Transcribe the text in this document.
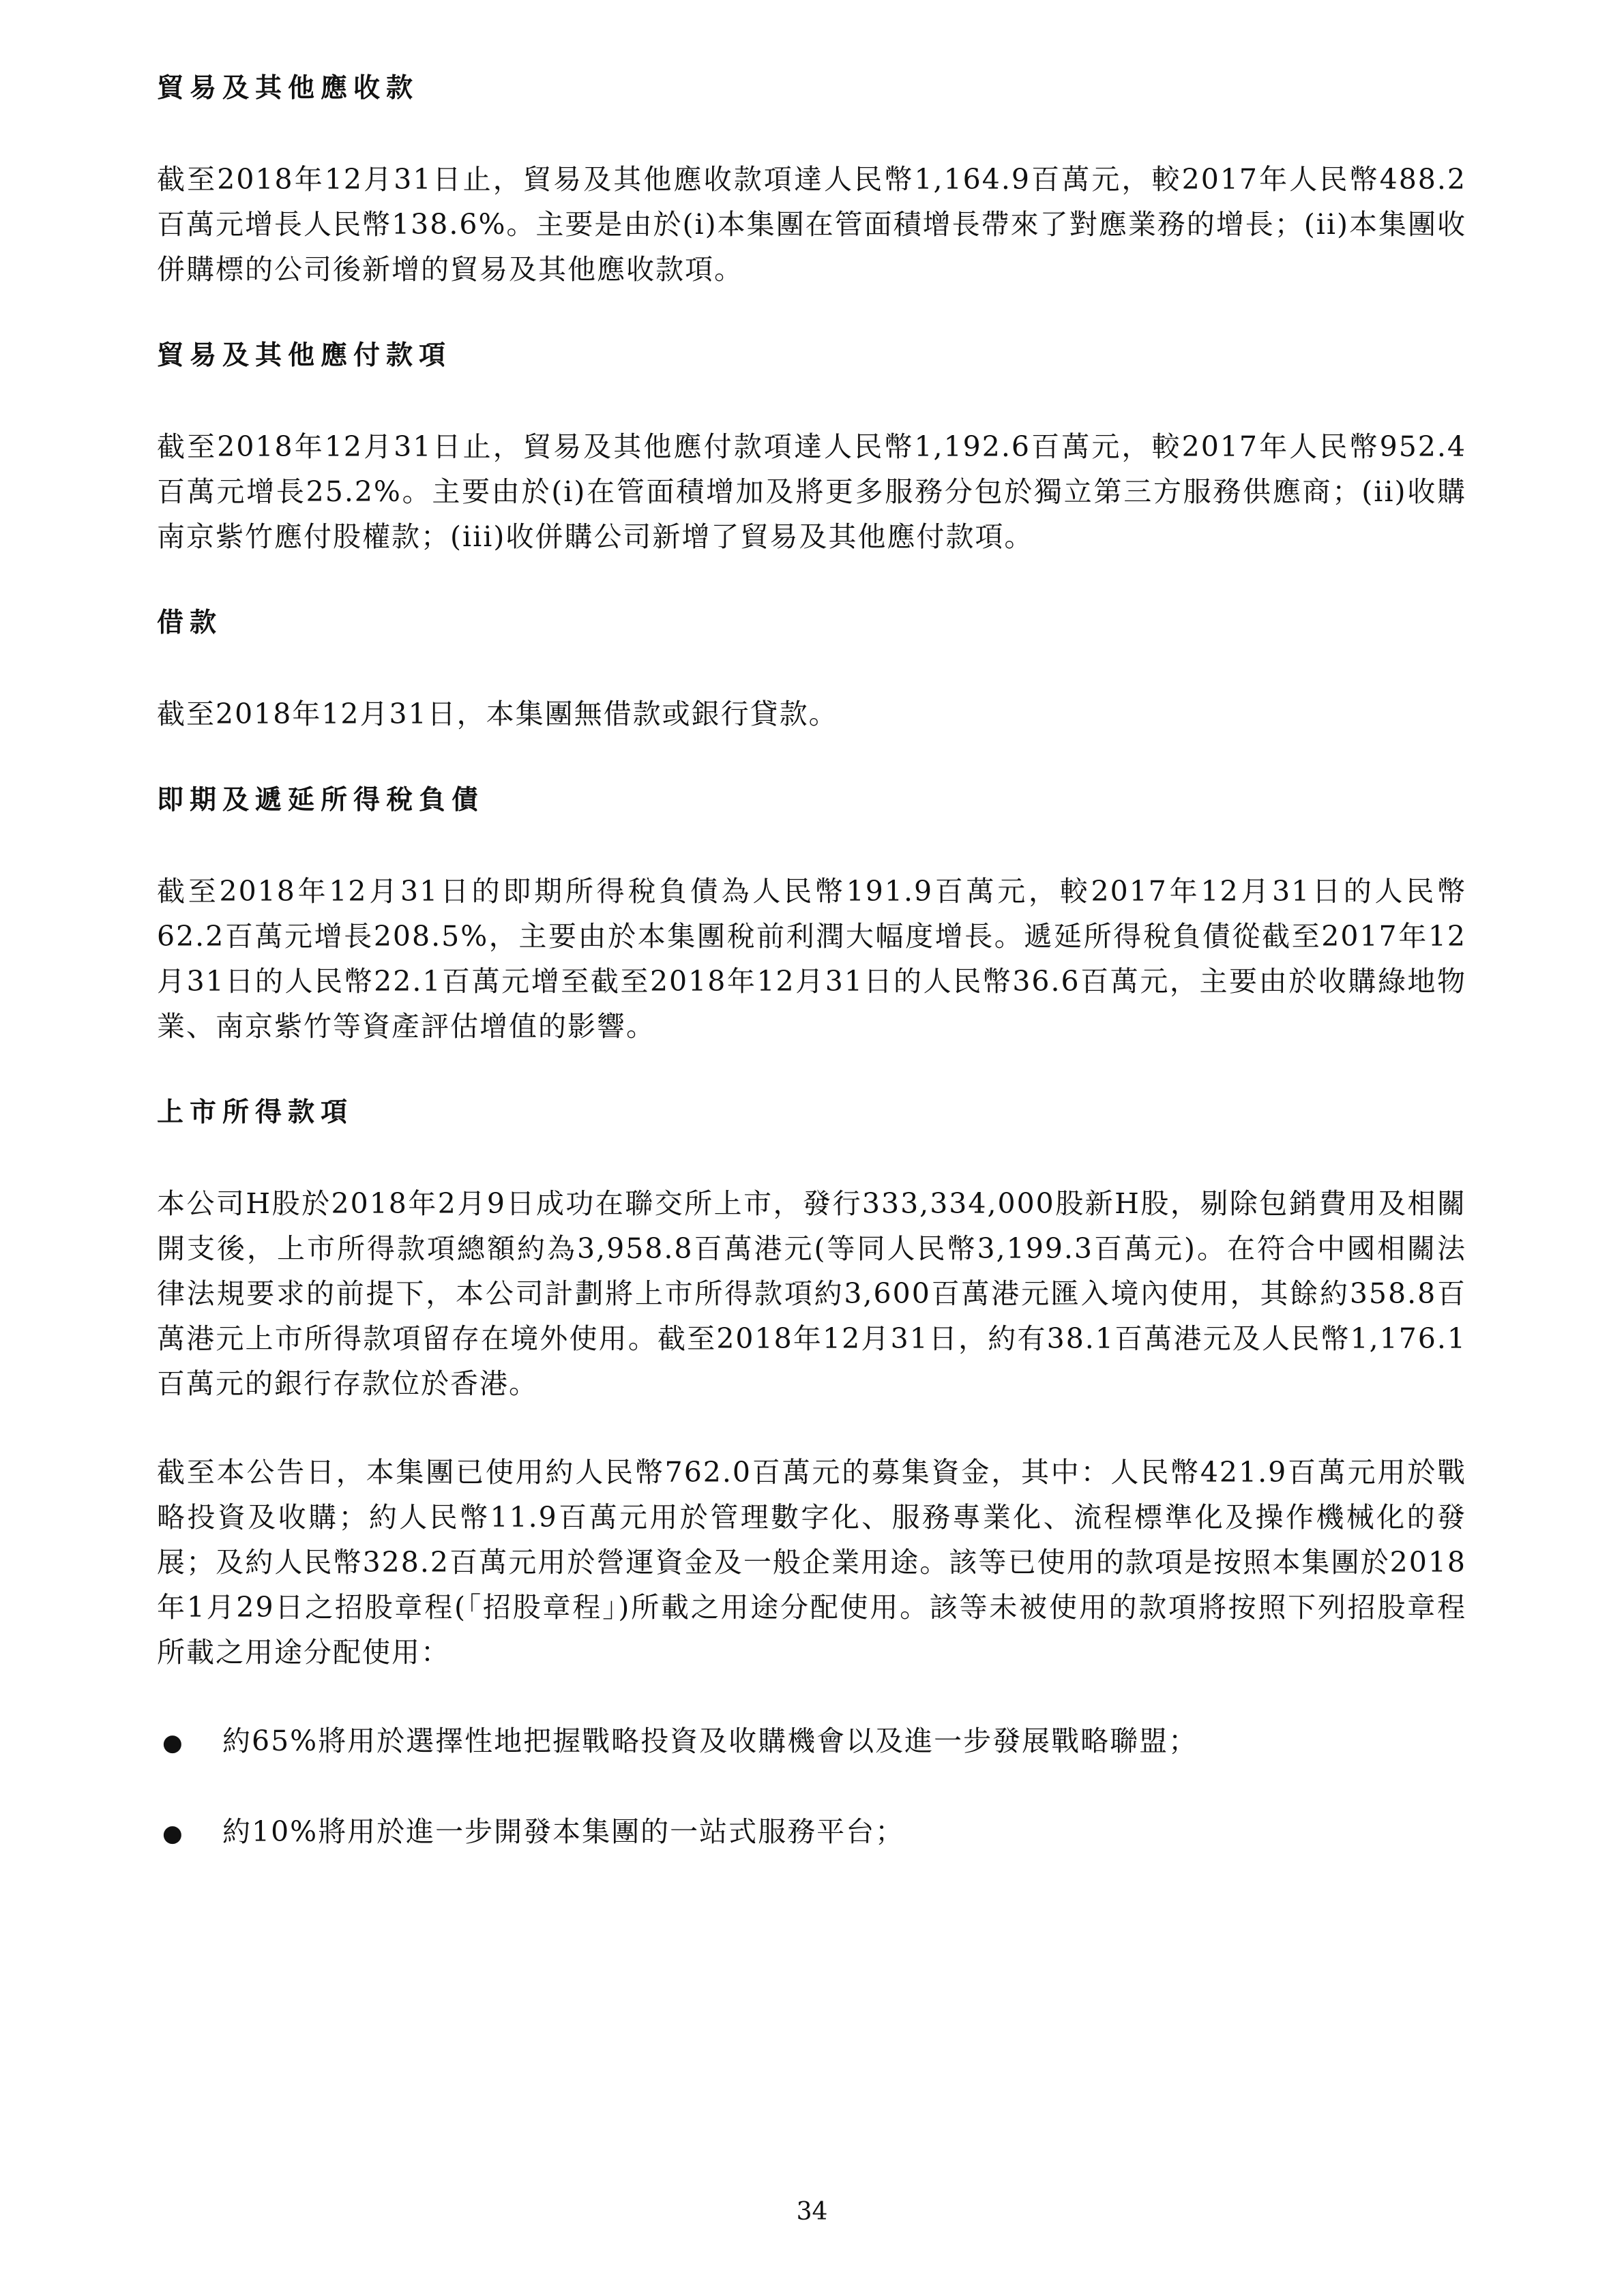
貿易及其他應收款

截至2018年12月31日止，貿易及其他應收款項達人民幣1,164.9百萬元，較2017年人民幣488.2百萬元增長人民幣138.6%。主要是由於(i)本集團在管面積增長帶來了對應業務的增長；(ii)本集團收併購標的公司後新增的貿易及其他應收款項。

貿易及其他應付款項

截至2018年12月31日止，貿易及其他應付款項達人民幣1,192.6百萬元，較2017年人民幣952.4百萬元增長25.2%。主要由於(i)在管面積增加及將更多服務分包於獨立第三方服務供應商；(ii)收購南京紫竹應付股權款；(iii)收併購公司新增了貿易及其他應付款項。

借款

截至2018年12月31日，本集團無借款或銀行貸款。

即期及遞延所得稅負債

截至2018年12月31日的即期所得稅負債為人民幣191.9百萬元，較2017年12月31日的人民幣62.2百萬元增長208.5%，主要由於本集團稅前利潤大幅度增長。遞延所得稅負債從截至2017年12月31日的人民幣22.1百萬元增至截至2018年12月31日的人民幣36.6百萬元，主要由於收購綠地物業、南京紫竹等資產評估增值的影響。

上市所得款項

本公司H股於2018年2月9日成功在聯交所上市，發行333,334,000股新H股，剔除包銷費用及相關開支後，上市所得款項總額約為3,958.8百萬港元(等同人民幣3,199.3百萬元)。在符合中國相關法律法規要求的前提下，本公司計劃將上市所得款項約3,600百萬港元匯入境內使用，其餘約358.8百萬港元上市所得款項留存在境外使用。截至2018年12月31日，約有38.1百萬港元及人民幣1,176.1百萬元的銀行存款位於香港。

截至本公告日，本集團已使用約人民幣762.0百萬元的募集資金，其中：人民幣421.9百萬元用於戰略投資及收購；約人民幣11.9百萬元用於管理數字化、服務專業化、流程標準化及操作機械化的發展；及約人民幣328.2百萬元用於營運資金及一般企業用途。該等已使用的款項是按照本集團於2018年1月29日之招股章程(「招股章程」)所載之用途分配使用。該等未被使用的款項將按照下列招股章程所載之用途分配使用：

●	約65%將用於選擇性地把握戰略投資及收購機會以及進一步發展戰略聯盟；
●	約10%將用於進一步開發本集團的一站式服務平台；
34
